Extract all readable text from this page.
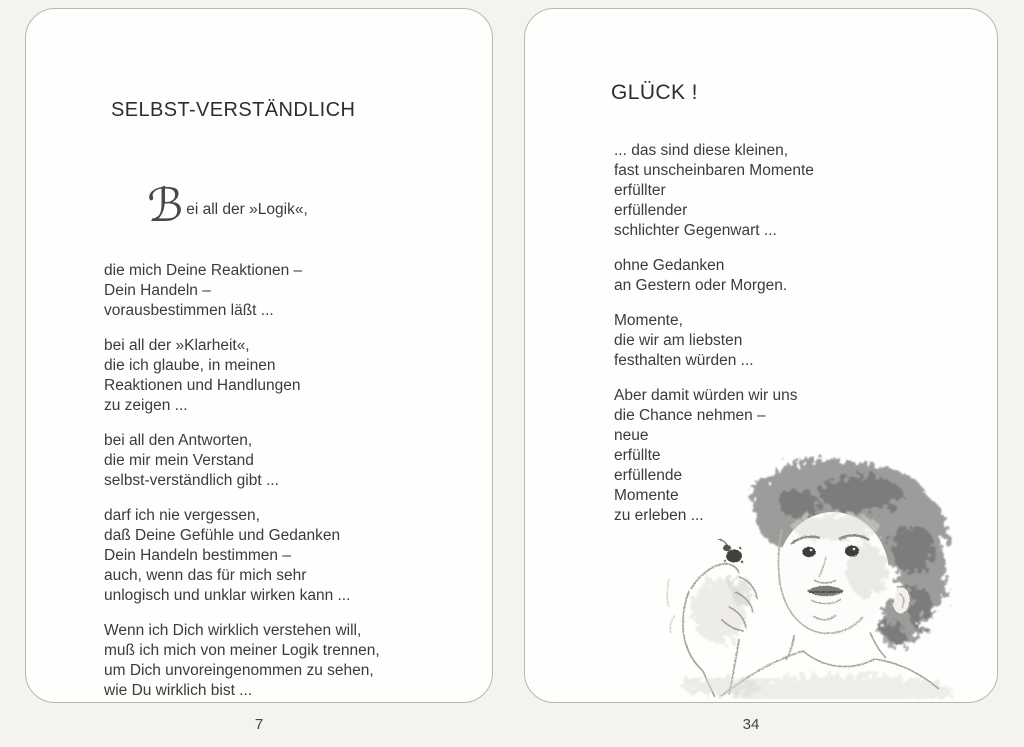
SELBST-VERSTÄNDLICH

ℬei all der »Logik«,

die mich Deine Reaktionen –
Dein Handeln –
vorausbestimmen läßt ...
bei all der »Klarheit«,
die ich glaube, in meinen
Reaktionen und Handlungen
zu zeigen ...
bei all den Antworten,
die mir mein Verstand
selbst-verständlich gibt ...
darf ich nie vergessen,
daß Deine Gefühle und Gedanken
Dein Handeln bestimmen –
auch, wenn das für mich sehr
unlogisch und unklar wirken kann ...
Wenn ich Dich wirklich verstehen will,
muß ich mich von meiner Logik trennen,
um Dich unvoreingenommen zu sehen,
wie Du wirklich bist ...
GLÜCK !
... das sind diese kleinen,
fast unscheinbaren Momente
erfüllter
erfüllender
schlichter Gegenwart ...
ohne Gedanken
an Gestern oder Morgen.
Momente,
die wir am liebsten
festhalten würden ...
Aber damit würden wir uns
die Chance nehmen –
neue
erfüllte
erfüllende
Momente
zu erleben ...
7	34
